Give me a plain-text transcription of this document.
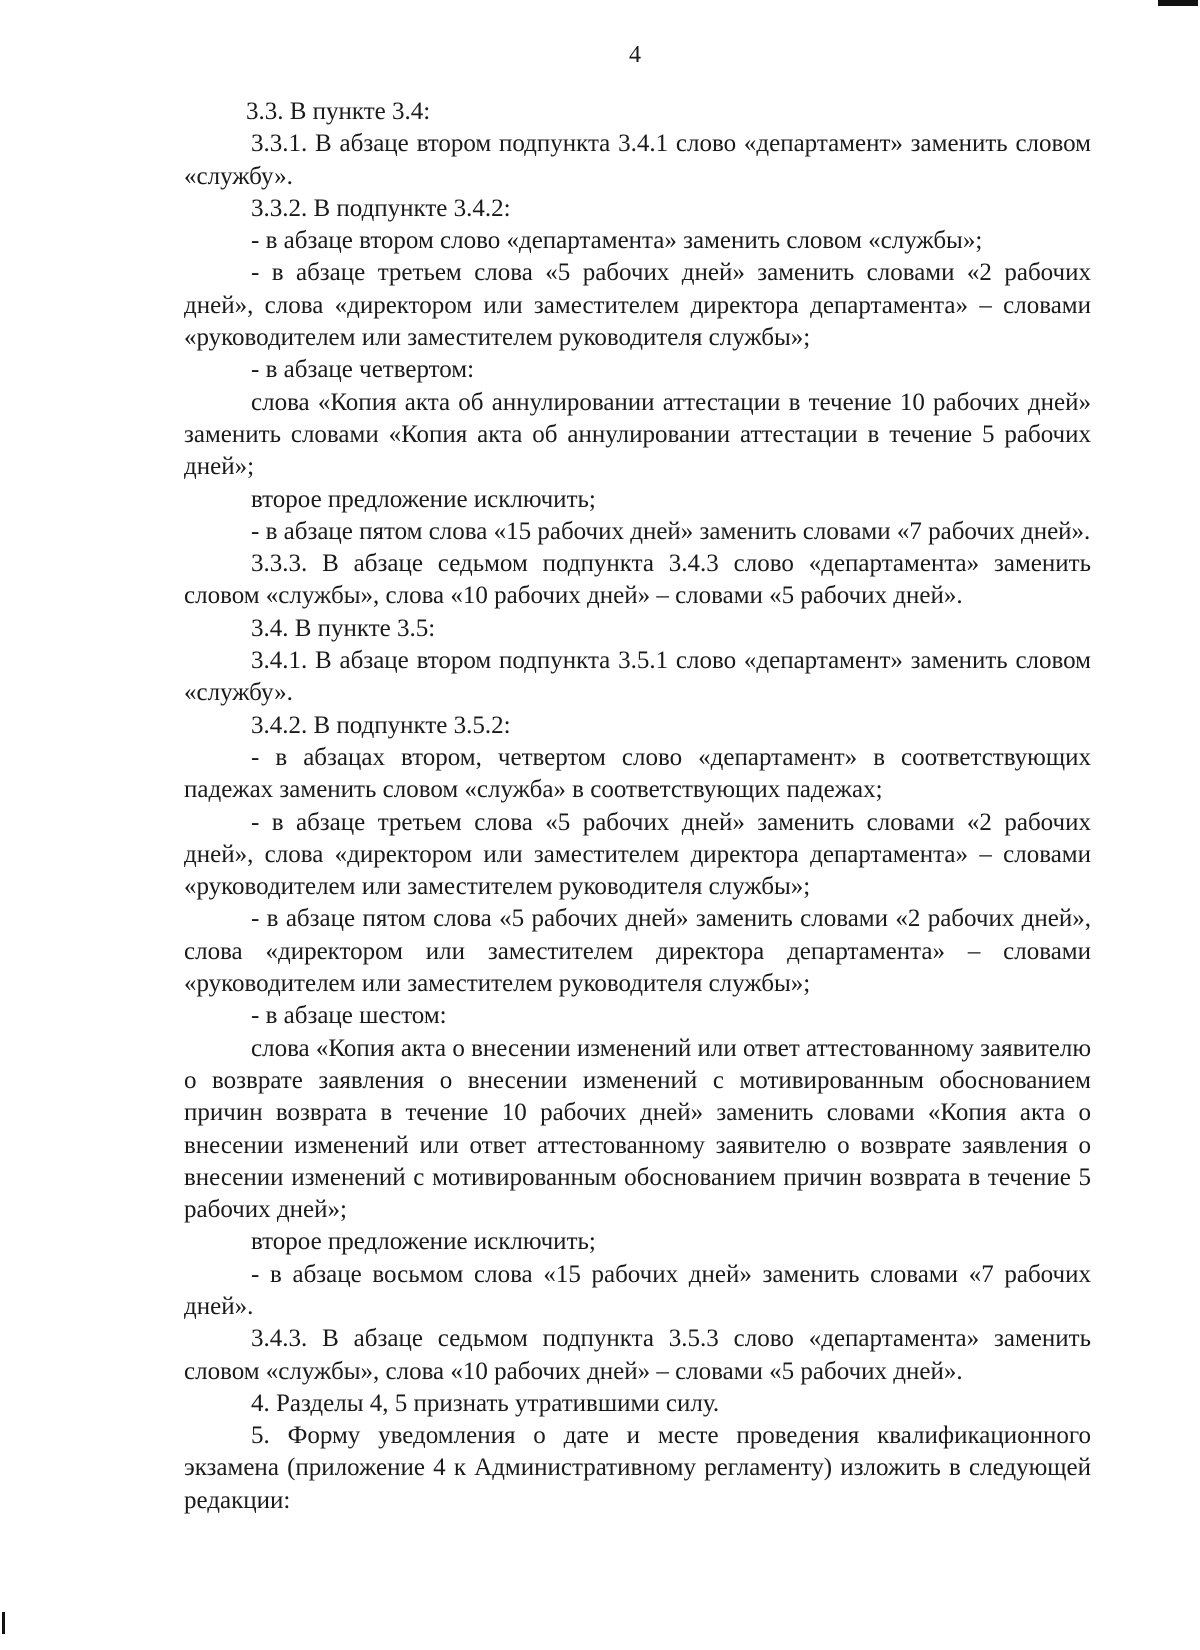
4

3.3. В пункте 3.4:

3.3.1. В абзаце втором подпункта 3.4.1 слово «департамент» заменить словом «службу».

3.3.2. В подпункте 3.4.2:

- в абзаце втором слово «департамента» заменить словом «службы»;

- в абзаце третьем слова «5 рабочих дней» заменить словами «2 рабочих дней», слова «директором или заместителем директора департамента» – словами «руководителем или заместителем руководителя службы»;

- в абзаце четвертом:

слова «Копия акта об аннулировании аттестации в течение 10 рабочих дней» заменить словами «Копия акта об аннулировании аттестации в течение 5 рабочих дней»;

второе предложение исключить;

- в абзаце пятом слова «15 рабочих дней» заменить словами «7 рабочих дней».

3.3.3. В абзаце седьмом подпункта 3.4.3 слово «департамента» заменить словом «службы», слова «10 рабочих дней» – словами «5 рабочих дней».

3.4. В пункте 3.5:

3.4.1. В абзаце втором подпункта 3.5.1 слово «департамент» заменить словом «службу».

3.4.2. В подпункте 3.5.2:

- в абзацах втором, четвертом слово «департамент» в соответствующих падежах заменить словом «служба» в соответствующих падежах;

- в абзаце третьем слова «5 рабочих дней» заменить словами «2 рабочих дней», слова «директором или заместителем директора департамента» – словами «руководителем или заместителем руководителя службы»;

- в абзаце пятом слова «5 рабочих дней» заменить словами «2 рабочих дней», слова «директором или заместителем директора департамента» – словами «руководителем или заместителем руководителя службы»;

- в абзаце шестом:

слова «Копия акта о внесении изменений или ответ аттестованному заявителю о возврате заявления о внесении изменений с мотивированным обоснованием причин возврата в течение 10 рабочих дней» заменить словами «Копия акта о внесении изменений или ответ аттестованному заявителю о возврате заявления о внесении изменений с мотивированным обоснованием причин возврата в течение 5 рабочих дней»;

второе предложение исключить;

- в абзаце восьмом слова «15 рабочих дней» заменить словами «7 рабочих дней».

3.4.3. В абзаце седьмом подпункта 3.5.3 слово «департамента» заменить словом «службы», слова «10 рабочих дней» – словами «5 рабочих дней».

4. Разделы 4, 5 признать утратившими силу.

5. Форму уведомления о дате и месте проведения квалификационного экзамена (приложение 4 к Административному регламенту) изложить в следующей редакции:
